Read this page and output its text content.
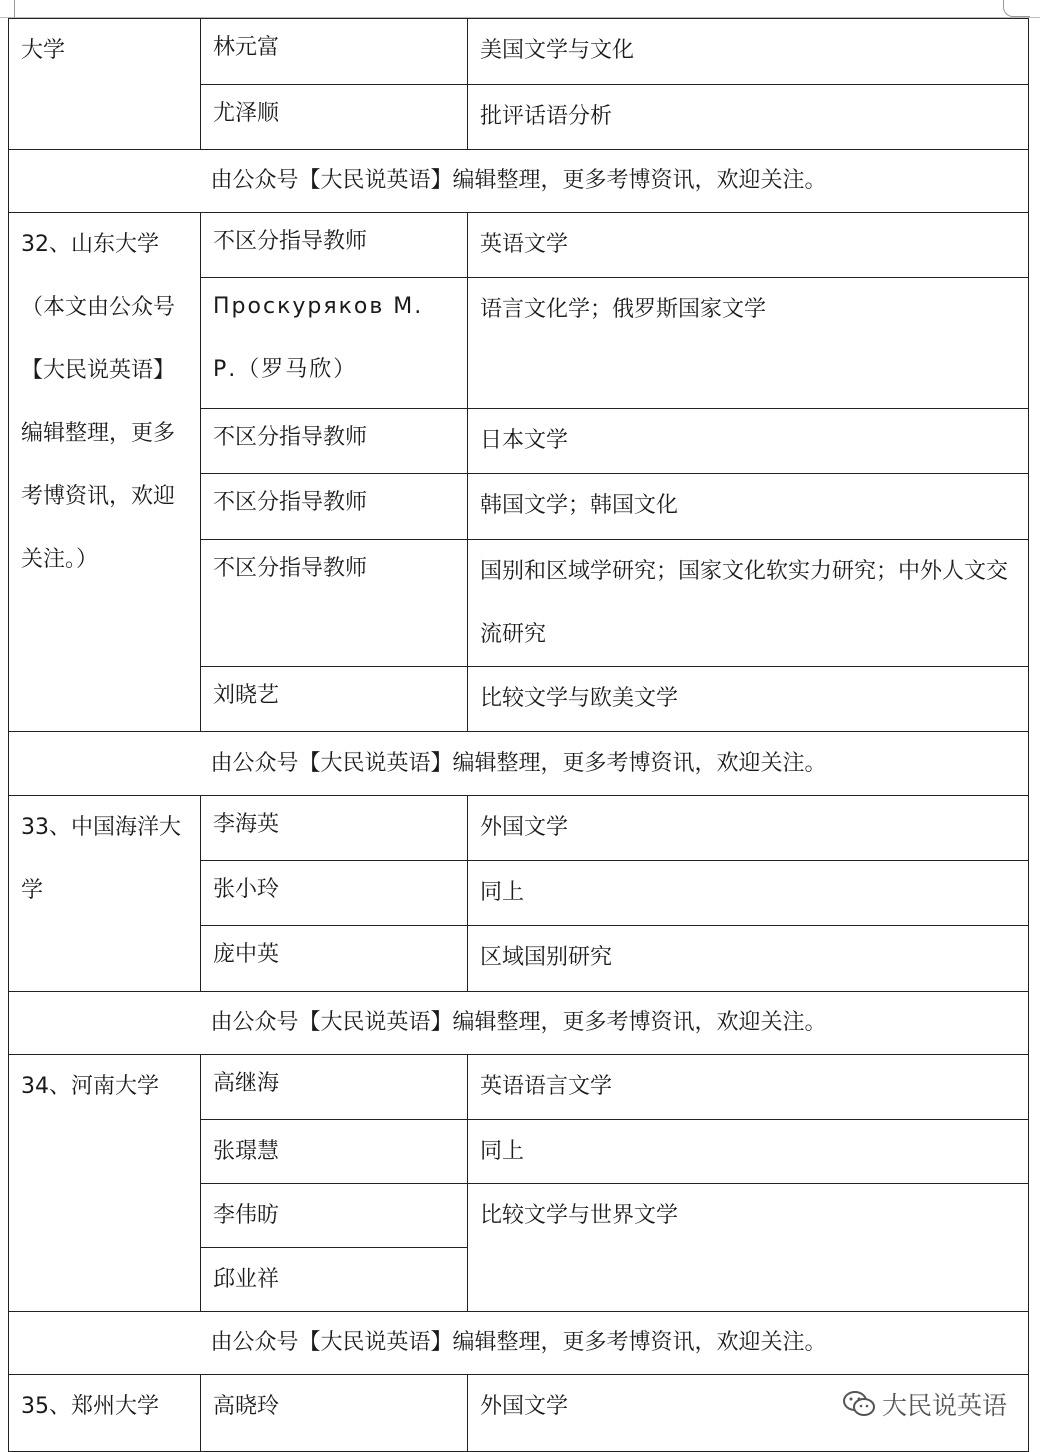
大学	林元富	美国文学与文化

	尤泽顺	批评话语分析

由公众号【大民说英语】编辑整理，更多考博资讯，欢迎关注。		

32、山东大学（本文由公众号【大民说英语】编辑整理，更多考博资讯，欢迎关注。）	不区分指导教师	英语文学

	Проскуряков М. Р.（罗马欣）	语言文化学；俄罗斯国家文学

	不区分指导教师	日本文学

	不区分指导教师	韩国文学；韩国文化

	不区分指导教师	国别和区域学研究；国家文化软实力研究；中外人文交流研究

	刘晓艺	比较文学与欧美文学

由公众号【大民说英语】编辑整理，更多考博资讯，欢迎关注。		

33、中国海洋大学	李海英	外国文学

	张小玲	同上

	庞中英	区域国别研究

由公众号【大民说英语】编辑整理，更多考博资讯，欢迎关注。		

34、河南大学	高继海	英语语言文学

	张璟慧	同上

	李伟昉	比较文学与世界文学

	邱业祥	

由公众号【大民说英语】编辑整理，更多考博资讯，欢迎关注。		

35、郑州大学	高晓玲	外国文学	大民说英语
